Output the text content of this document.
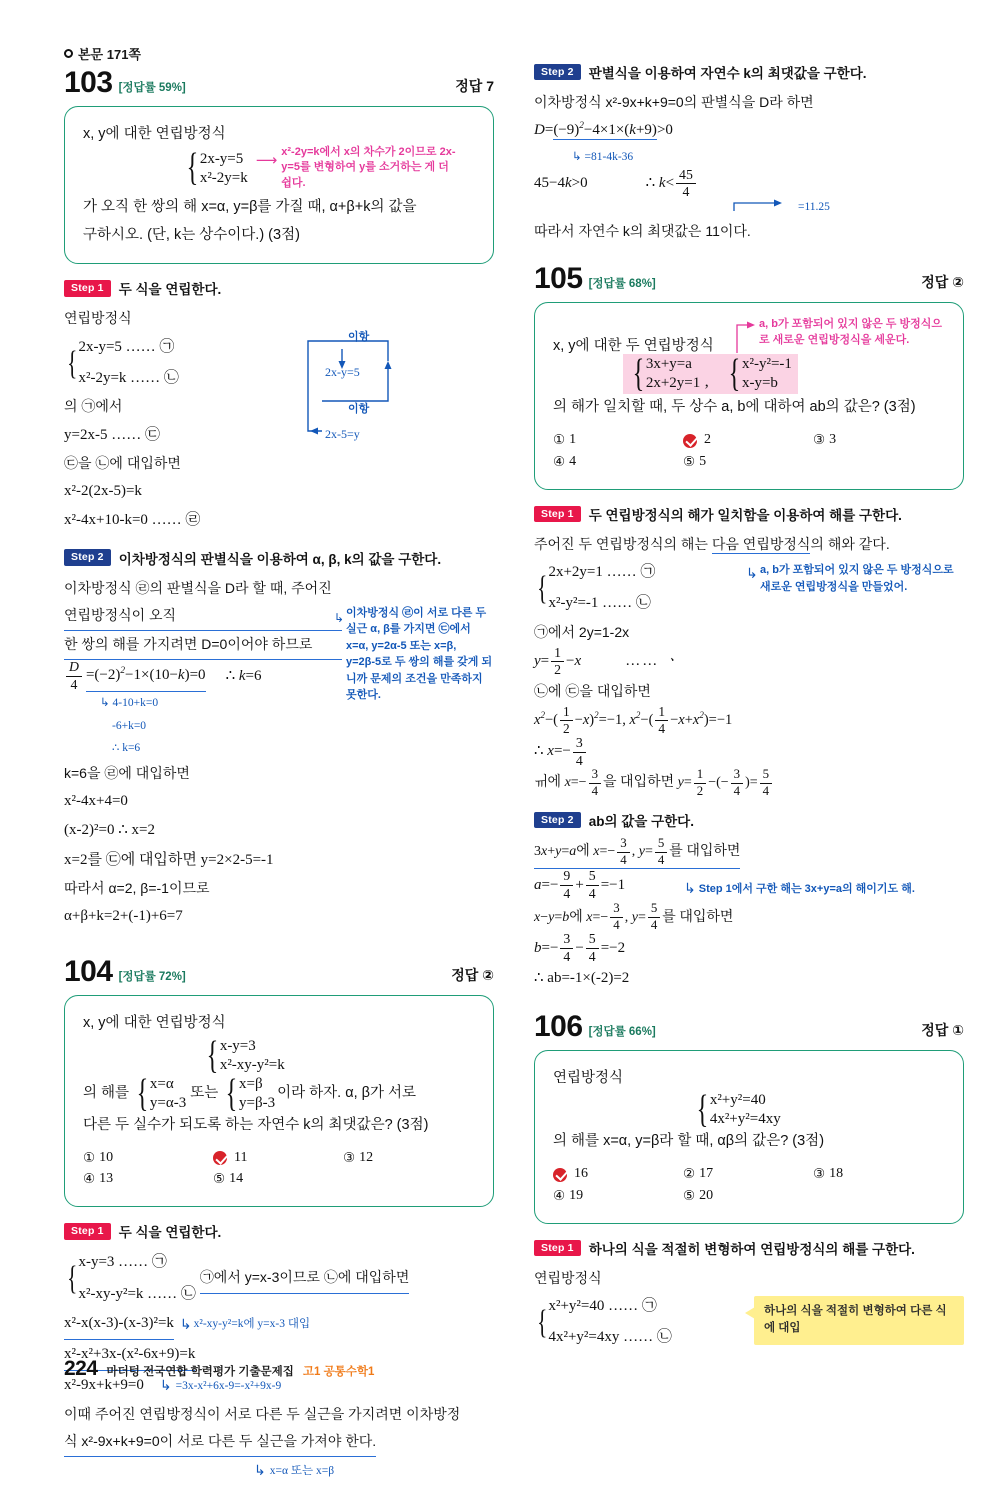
본문 171쪽
103 [정답률 59%]	정답 7
x, y에 대한 연립방정식
{ 2x-y=5
x²-2y=k
⟶ x²-2y=k에서 x의 차수가 2이므로 2x-y=5를 변형하여 y를 소거하는 게 더 쉽다.
가 오직 한 쌍의 해 x=α, y=β를 가질 때, α+β+k의 값을
구하시오. (단, k는 상수이다.) (3점)
Step 1	두 식을 연립한다.
연립방정식
{ 2x-y=5 …… ㉠
x²-2y=k …… ㉡
의 ㉠에서
y=2x-5 …… ㉢
㉢을 ㉡에 대입하면
x²-2(2x-5)=k
x²-4x+10-k=0 …… ㉣
이항
2x-y=5
이항
2x-5=y
Step 2	이차방정식의 판별식을 이용하여 α, β, k의 값을 구한다.
이차방정식 ㉣의 판별식을 D라 할 때, 주어진 연립방정식이 오직
한 쌍의 해를 가지려면 D=0이어야 하므로
$\frac{D}{4} =(-2)^2-1\times(10-k)=0$ ∴ k=6
↳ 4-10+k=0
-6+k=0
∴ k=6
k=6을 ㉣에 대입하면
x²-4x+4=0
(x-2)²=0 ∴ x=2
x=2를 ㉢에 대입하면 y=2×2-5=-1
따라서 α=2, β=-1이므로
α+β+k=2+(-1)+6=7
이차방정식 ㉣이 서로 다른 두 실근 α, β를 가지면 ㉢에서 x=α, y=2α-5 또는 x=β, y=2β-5로 두 쌍의 해를 갖게 되니까 문제의 조건을 만족하지 못한다.
↳
104 [정답률 72%]	정답 ②
x, y에 대한 연립방정식
{ x-y=3
x²-xy-y²=k
의 해를 { x=α
y=α-3
또는 { x=β
y=β-3
이라 하자. α, β가 서로
다른 두 실수가 되도록 하는 자연수 k의 최댓값은? (3점)
① 10	11	③ 12
④ 13	⑤ 14
Step 1	두 식을 연립한다.
{ x-y=3 …… ㉠
x²-xy-y²=k …… ㉡
㉠에서 y=x-3이므로 ㉡에 대입하면
x²-x(x-3)-(x-3)²=k ↳ x²-xy-y²=k에 y=x-3 대입
x²-x²+3x-(x²-6x+9)=k
x²-9x+k+9=0 ↳ =3x-x²+6x-9=-x²+9x-9
이때 주어진 연립방정식이 서로 다른 두 실근을 가지려면 이차방정
식 x²-9x+k+9=0이 서로 다른 두 실근을 가져야 한다.
↳ x=α 또는 x=β
Step 2	판별식을 이용하여 자연수 k의 최댓값을 구한다.
이차방정식 x²-9x+k+9=0의 판별식을 D라 하면
$D=(-9)^2-4\times 1\times(k+9)>0$
↳ =81-4k-36
45−4k>0	∴ $k< \frac{45}{4}$
=11.25
따라서 자연수 k의 최댓값은 11이다.
105 [정답률 68%]	정답 ②
x, y에 대한 두 연립방정식
a, b가 포함되어 있지 않은 두 방정식으로 새로운 연립방정식을 세운다.
{ 3x+y=a
2x+2y=1 , { x²-y²=-1
x-y=b
의 해가 일치할 때, 두 상수 a, b에 대하여 ab의 값은? (3점)
① 1	2	③ 3
④ 4	⑤ 5
Step 1	두 연립방정식의 해가 일치함을 이용하여 해를 구한다.
주어진 두 연립방정식의 해는 다음 연립방정식의 해와 같다.
{ 2x+2y=1 …… ㉠
x²-y²=-1 …… ㉡
↳ a, b가 포함되어 있지 않은 두 방정식으로 새로운 연립방정식을 만들었어.
㉠에서 2y=1-2x
$y= \frac{1}{2} -x$	…… ㆍ
㉡에 ㉢을 대입하면
$x^2-( \frac{1}{2} -x)^2=-1$, $x^2-( \frac{1}{4} -x+x^2)=-1$
∴ $x=- \frac{3}{4}$
ㆌ에 $x=- \frac{3}{4}$ 을 대입하면 $y= \frac{1}{2}$ −(− $\frac{3}{4}$ )= $\frac{5}{4}$
Step 2	ab의 값을 구한다.
3x+y=a에 $x=- \frac{3}{4}$ , $y= \frac{5}{4}$ 를 대입하면
$a=- \frac{9}{4} + \frac{5}{4} =-1$	↳ Step 1에서 구한 해는 3x+y=a의 해이기도 해.
x−y=b에 $x=- \frac{3}{4}$ , $y= \frac{5}{4}$ 를 대입하면
$b=- \frac{3}{4} - \frac{5}{4} =-2$
∴ ab=-1×(-2)=2
106 [정답률 66%]	정답 ①
연립방정식
{ x²+y²=40
4x²+y²=4xy
의 해를 x=α, y=β라 할 때, αβ의 값은? (3점)
16	② 17	③ 18
④ 19	⑤ 20
Step 1	하나의 식을 적절히 변형하여 연립방정식의 해를 구한다.
연립방정식
{ x²+y²=40 …… ㉠
4x²+y²=4xy …… ㉡
하나의 식을 적절히 변형하여 다른 식에 대입
224 마더텅 전국연합 학력평가 기출문제집 고1 공통수학1
